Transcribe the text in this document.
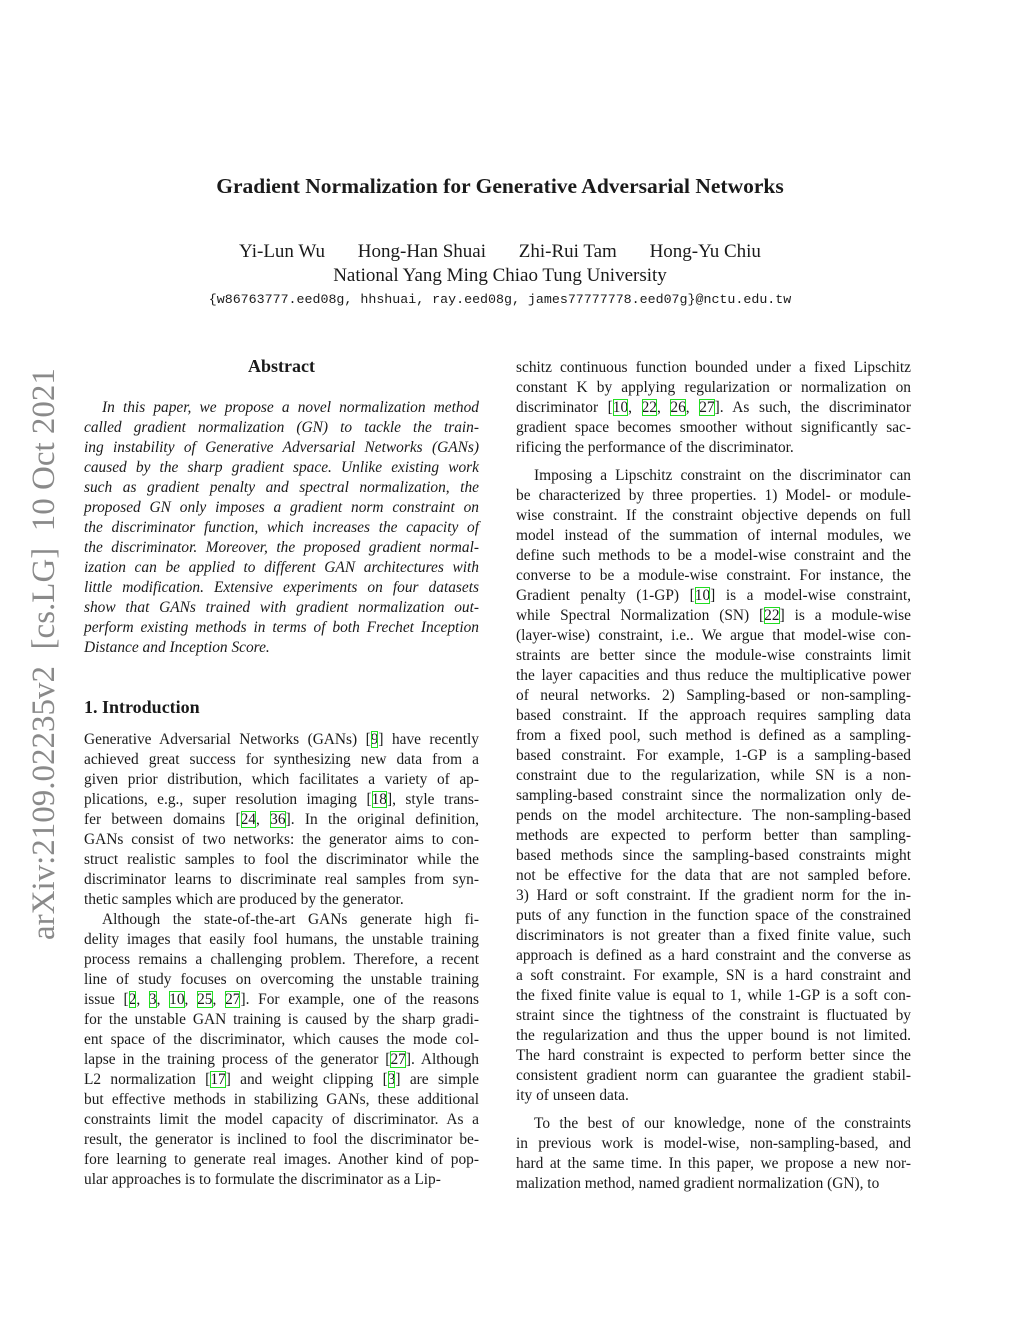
Gradient Normalization for Generative Adversarial Networks
Yi-Lun Wu Hong-Han Shuai Zhi-Rui Tam Hong-Yu Chiu
National Yang Ming Chiao Tung University
{w86763777.eed08g, hhshuai, ray.eed08g, james77777778.eed07g}@nctu.edu.tw
arXiv:2109.02235v2  [cs.LG]  10 Oct 2021
Abstract
In this paper, we propose a novel normalization method
called gradient normalization (GN) to tackle the train-
ing instability of Generative Adversarial Networks (GANs)
caused by the sharp gradient space. Unlike existing work
such as gradient penalty and spectral normalization, the
proposed GN only imposes a gradient norm constraint on
the discriminator function, which increases the capacity of
the discriminator. Moreover, the proposed gradient normal-
ization can be applied to different GAN architectures with
little modification. Extensive experiments on four datasets
show that GANs trained with gradient normalization out-
perform existing methods in terms of both Frechet Inception
Distance and Inception Score.
1. Introduction
Generative Adversarial Networks (GANs) [9] have recently
achieved great success for synthesizing new data from a
given prior distribution, which facilitates a variety of ap-
plications, e.g., super resolution imaging [18], style trans-
fer between domains [24, 36]. In the original definition,
GANs consist of two networks: the generator aims to con-
struct realistic samples to fool the discriminator while the
discriminator learns to discriminate real samples from syn-
thetic samples which are produced by the generator.
Although the state-of-the-art GANs generate high fi-
delity images that easily fool humans, the unstable training
process remains a challenging problem. Therefore, a recent
line of study focuses on overcoming the unstable training
issue [2, 3, 10, 25, 27]. For example, one of the reasons
for the unstable GAN training is caused by the sharp gradi-
ent space of the discriminator, which causes the mode col-
lapse in the training process of the generator [27]. Although
L2 normalization [17] and weight clipping [3] are simple
but effective methods in stabilizing GANs, these additional
constraints limit the model capacity of discriminator. As a
result, the generator is inclined to fool the discriminator be-
fore learning to generate real images. Another kind of pop-
ular approaches is to formulate the discriminator as a Lip-
schitz continuous function bounded under a fixed Lipschitz
constant K by applying regularization or normalization on
discriminator [10, 22, 26, 27]. As such, the discriminator
gradient space becomes smoother without significantly sac-
rificing the performance of the discriminator.
Imposing a Lipschitz constraint on the discriminator can
be characterized by three properties. 1) Model- or module-
wise constraint. If the constraint objective depends on full
model instead of the summation of internal modules, we
define such methods to be a model-wise constraint and the
converse to be a module-wise constraint. For instance, the
Gradient penalty (1-GP) [10] is a model-wise constraint,
while Spectral Normalization (SN) [22] is a module-wise
(layer-wise) constraint, i.e.. We argue that model-wise con-
straints are better since the module-wise constraints limit
the layer capacities and thus reduce the multiplicative power
of neural networks. 2) Sampling-based or non-sampling-
based constraint. If the approach requires sampling data
from a fixed pool, such method is defined as a sampling-
based constraint. For example, 1-GP is a sampling-based
constraint due to the regularization, while SN is a non-
sampling-based constraint since the normalization only de-
pends on the model architecture. The non-sampling-based
methods are expected to perform better than sampling-
based methods since the sampling-based constraints might
not be effective for the data that are not sampled before.
3) Hard or soft constraint. If the gradient norm for the in-
puts of any function in the function space of the constrained
discriminators is not greater than a fixed finite value, such
approach is defined as a hard constraint and the converse as
a soft constraint. For example, SN is a hard constraint and
the fixed finite value is equal to 1, while 1-GP is a soft con-
straint since the tightness of the constraint is fluctuated by
the regularization and thus the upper bound is not limited.
The hard constraint is expected to perform better since the
consistent gradient norm can guarantee the gradient stabil-
ity of unseen data.
To the best of our knowledge, none of the constraints
in previous work is model-wise, non-sampling-based, and
hard at the same time. In this paper, we propose a new nor-
malization method, named gradient normalization (GN), to
